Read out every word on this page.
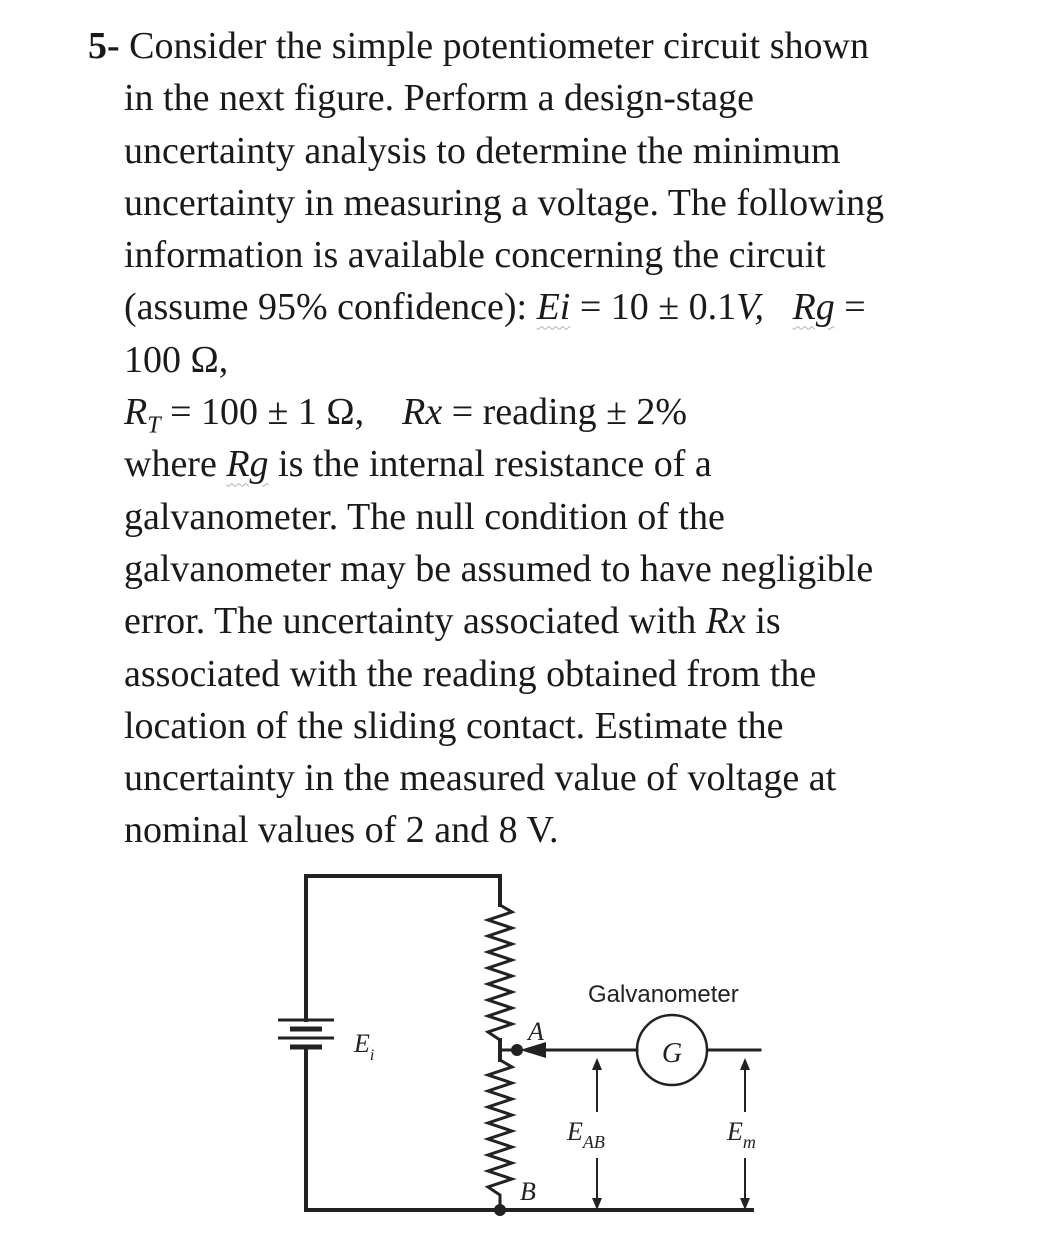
5- Consider the simple potentiometer circuit shown
in the next figure. Perform a design-stage
uncertainty analysis to determine the minimum
uncertainty in measuring a voltage. The following
information is available concerning the circuit
(assume 95% confidence): Ei = 10 ± 0.1V, Rg =
100 Ω,
$R_T = 100 \pm 1$ Ω, Rx = reading ± 2%
where Rg is the internal resistance of a
galvanometer. The null condition of the
galvanometer may be assumed to have negligible
error. The uncertainty associated with Rx is
associated with the reading obtained from the
location of the sliding contact. Estimate the
uncertainty in the measured value of voltage at
nominal values of 2 and 8 V.
Galvanometer
G
A
B
$E_i$
$E_{AB}$	$E_m$
